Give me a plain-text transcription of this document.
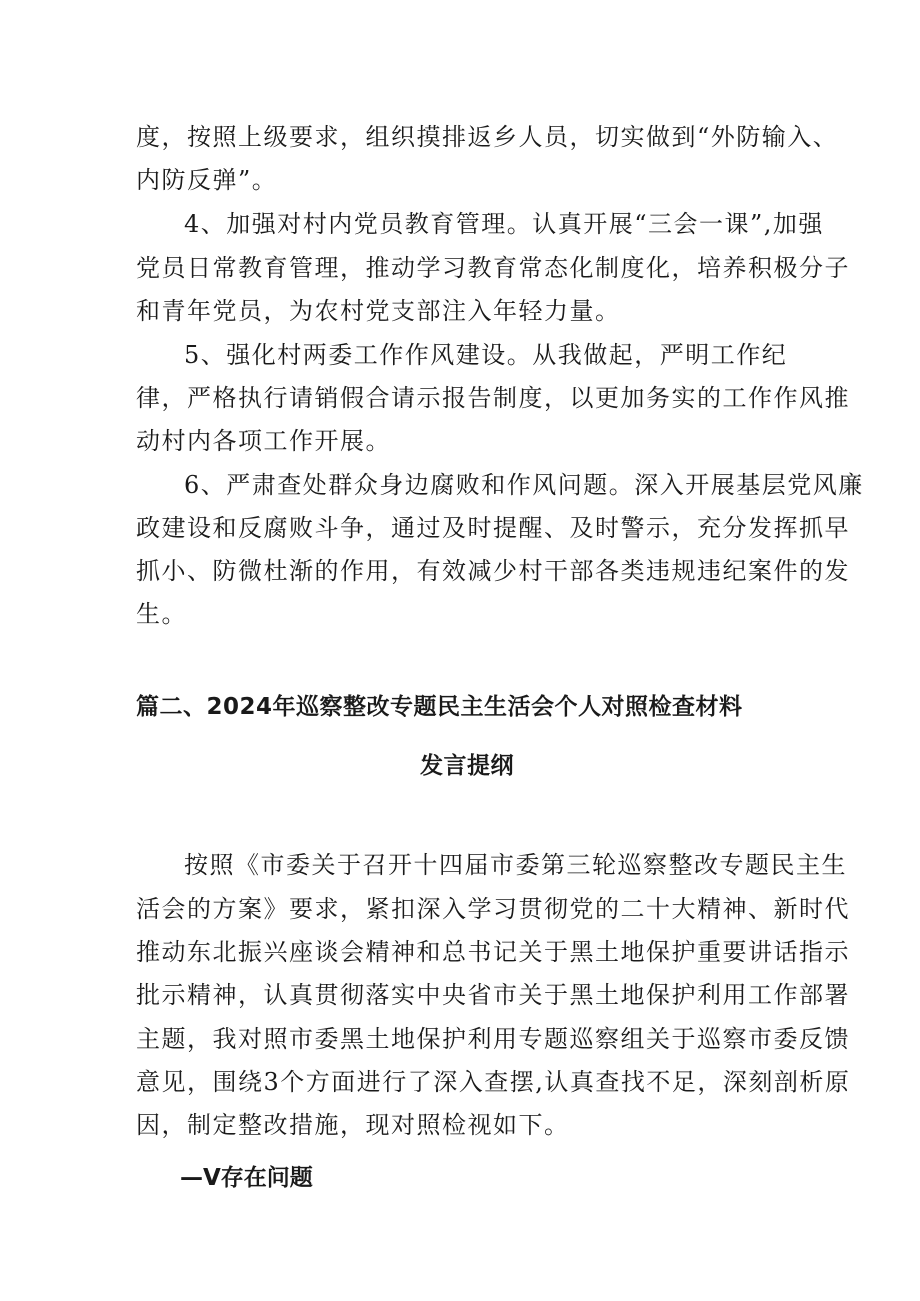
度，按照上级要求，组织摸排返乡人员，切实做到“外防输入、
内防反弹”。
4、加强对村内党员教育管理。认真开展“三会一课”,加强
党员日常教育管理，推动学习教育常态化制度化，培养积极分子
和青年党员，为农村党支部注入年轻力量。
5、强化村两委工作作风建设。从我做起，严明工作纪
律，严格执行请销假合请示报告制度，以更加务实的工作作风推
动村内各项工作开展。
6、严肃查处群众身边腐败和作风问题。深入开展基层党风廉
政建设和反腐败斗争，通过及时提醒、及时警示，充分发挥抓早
抓小、防微杜渐的作用，有效减少村干部各类违规违纪案件的发
生。
篇二、2024年巡察整改专题民主生活会个人对照检查材料
发言提纲
按照《市委关于召开十四届市委第三轮巡察整改专题民主生
活会的方案》要求，紧扣深入学习贯彻党的二十大精神、新时代
推动东北振兴座谈会精神和总书记关于黑土地保护重要讲话指示
批示精神，认真贯彻落实中央省市关于黑土地保护利用工作部署
主题，我对照市委黑土地保护利用专题巡察组关于巡察市委反馈
意见，围绕3个方面进行了深入查摆,认真查找不足，深刻剖析原
因，制定整改措施，现对照检视如下。
—V存在问题
